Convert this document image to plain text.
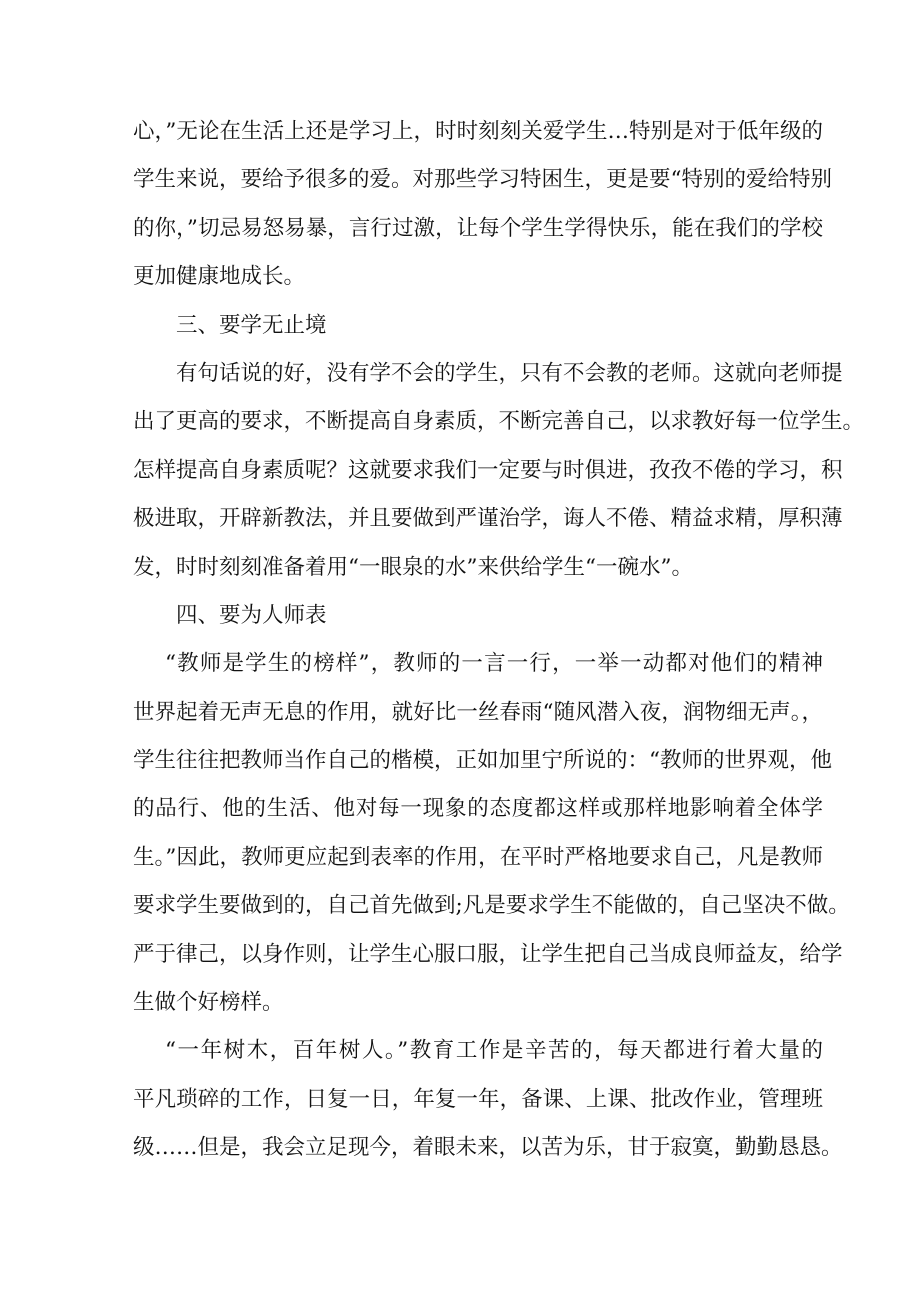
心，”无论在生活上还是学习上，时时刻刻关爱学生…特别是对于低年级的
学生来说，要给予很多的爱。对那些学习特困生，更是要“特别的爱给特别
的你，”切忌易怒易暴，言行过激，让每个学生学得快乐，能在我们的学校
更加健康地成长。
三、要学无止境
有句话说的好，没有学不会的学生，只有不会教的老师。这就向老师提
出了更高的要求，不断提高自身素质，不断完善自己，以求教好每一位学生。
怎样提高自身素质呢？这就要求我们一定要与时俱进，孜孜不倦的学习，积
极进取，开辟新教法，并且要做到严谨治学，诲人不倦、精益求精，厚积薄
发，时时刻刻准备着用“一眼泉的水”来供给学生“一碗水”。
四、要为人师表
“教师是学生的榜样”，教师的一言一行，一举一动都对他们的精神
世界起着无声无息的作用，就好比一丝春雨“随风潜入夜，润物细无声。，
学生往往把教师当作自己的楷模，正如加里宁所说的：“教师的世界观，他
的品行、他的生活、他对每一现象的态度都这样或那样地影响着全体学
生。”因此，教师更应起到表率的作用，在平时严格地要求自己，凡是教师
要求学生要做到的，自己首先做到;凡是要求学生不能做的，自己坚决不做。
严于律己，以身作则，让学生心服口服，让学生把自己当成良师益友，给学
生做个好榜样。
“一年树木，百年树人。”教育工作是辛苦的，每天都进行着大量的
平凡琐碎的工作，日复一日，年复一年，备课、上课、批改作业，管理班
级……但是，我会立足现今，着眼未来，以苦为乐，甘于寂寞，勤勤恳恳。
